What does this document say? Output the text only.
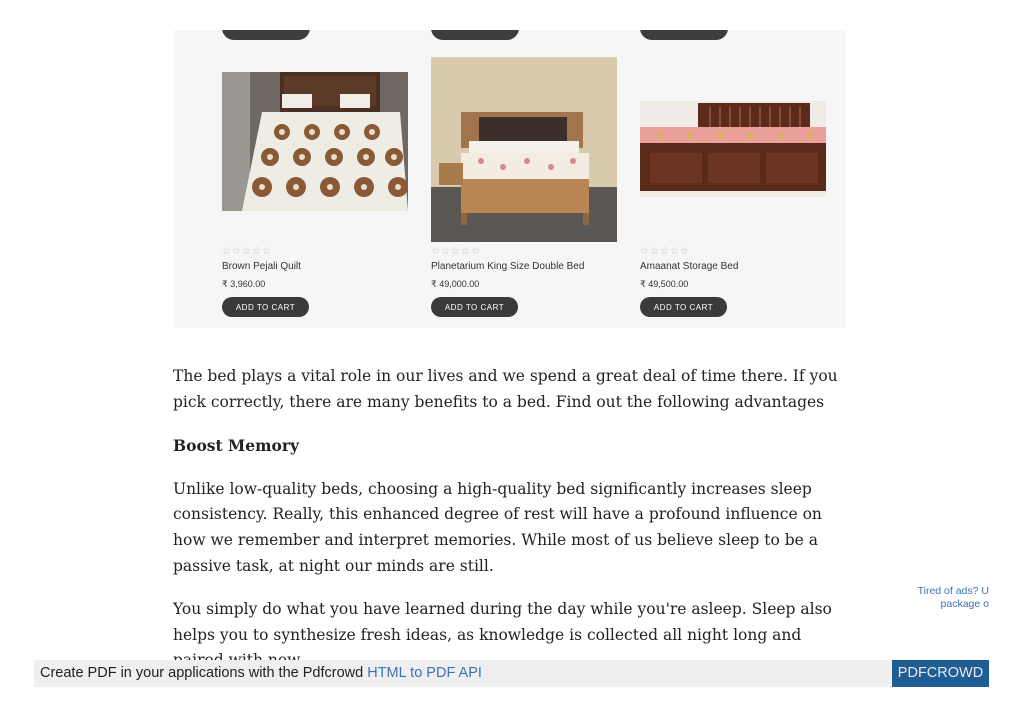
☆☆☆☆☆
Brown Pejali Quilt
₹ 3,960.00
ADD TO CART
☆☆☆☆☆
Planetarium King Size Double Bed
₹ 49,000.00
ADD TO CART
☆☆☆☆☆
Amaanat Storage Bed
₹ 49,500.00
ADD TO CART

The bed plays a vital role in our lives and we spend a great deal of time there. If you pick correctly, there are many benefits to a bed. Find out the following advantages

Boost Memory

Unlike low-quality beds, choosing a high-quality bed significantly increases sleep consistency. Really, this enhanced degree of rest will have a profound influence on how we remember and interpret memories. While most of us believe sleep to be a passive task, at night our minds are still.

You simply do what you have learned during the day while you're asleep. Sleep also helps you to synthesize fresh ideas, as knowledge is collected all night long and

Tired of ads? U
package o
Create PDF in your applications with the Pdfcrowd HTML to PDF API	PDFCROWD
